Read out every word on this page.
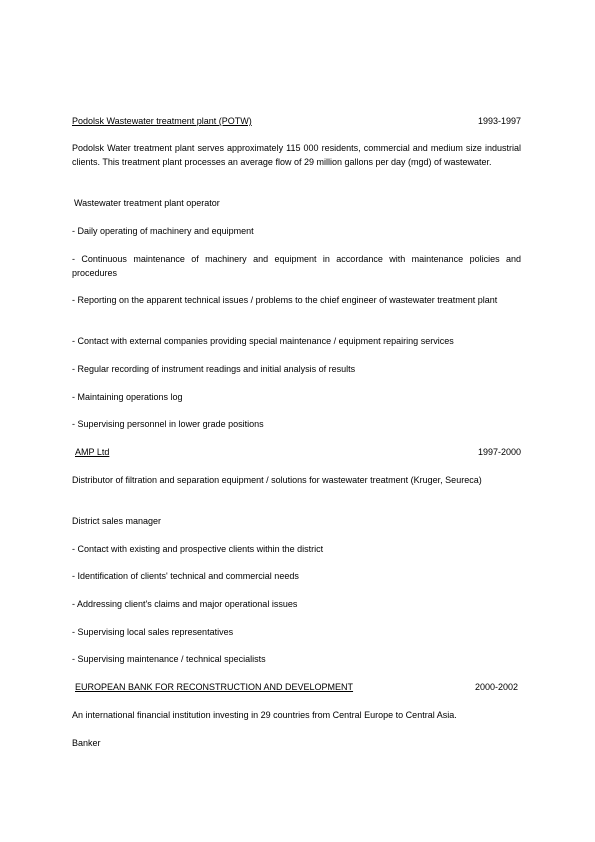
Podolsk Wastewater treatment plant (POTW)	1993-1997
Podolsk Water treatment plant serves approximately 115 000 residents, commercial and medium size industrial clients. This treatment plant processes an average flow of 29 million gallons per day (mgd) of wastewater.
Wastewater treatment plant operator
- Daily operating of machinery and equipment
- Continuous maintenance of machinery and equipment in accordance with maintenance policies and procedures
- Reporting on the apparent technical issues / problems to the chief engineer of wastewater treatment plant
- Contact with external companies providing special maintenance / equipment repairing services
- Regular recording of instrument readings and initial analysis of results
- Maintaining operations log
- Supervising personnel in lower grade positions
AMP Ltd	1997-2000
Distributor of filtration and separation equipment / solutions for wastewater treatment (Kruger, Seureca)
District sales manager
- Contact with existing and prospective clients within the district
- Identification of clients' technical and commercial needs
- Addressing client's claims and major operational issues
- Supervising local sales representatives
- Supervising maintenance / technical specialists
EUROPEAN BANK FOR RECONSTRUCTION AND DEVELOPMENT	2000-2002
An international financial institution investing in 29 countries from Central Europe to Central Asia.
Banker
